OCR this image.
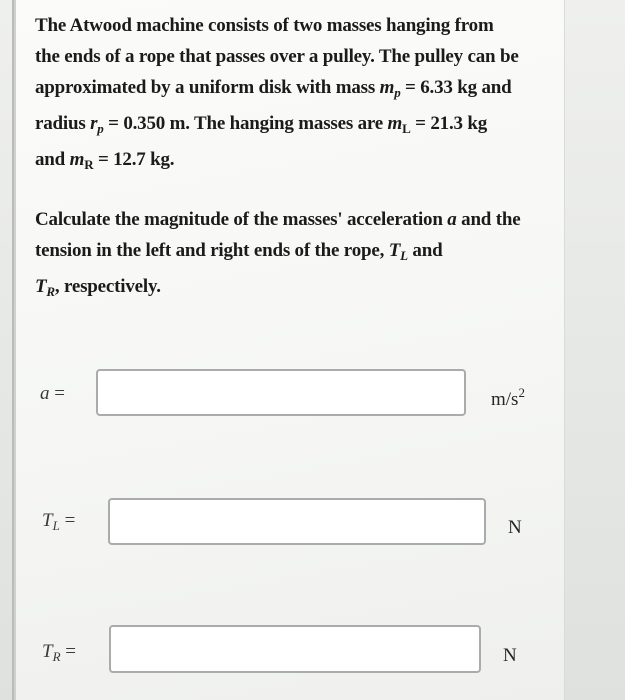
The Atwood machine consists of two masses hanging from
the ends of a rope that passes over a pulley. The pulley can be
approximated by a uniform disk with mass $m_p = 6.33$ kg and
radius $r_p = 0.350$ m. The hanging masses are $m_L = 21.3$ kg
and $m_R = 12.7$ kg.
Calculate the magnitude of the masses' acceleration a and the
tension in the left and right ends of the rope, $T_L$ and
$T_R$, respectively.
a =	$m/s^2$
$T_L$ =	N
$T_R$ =	N
